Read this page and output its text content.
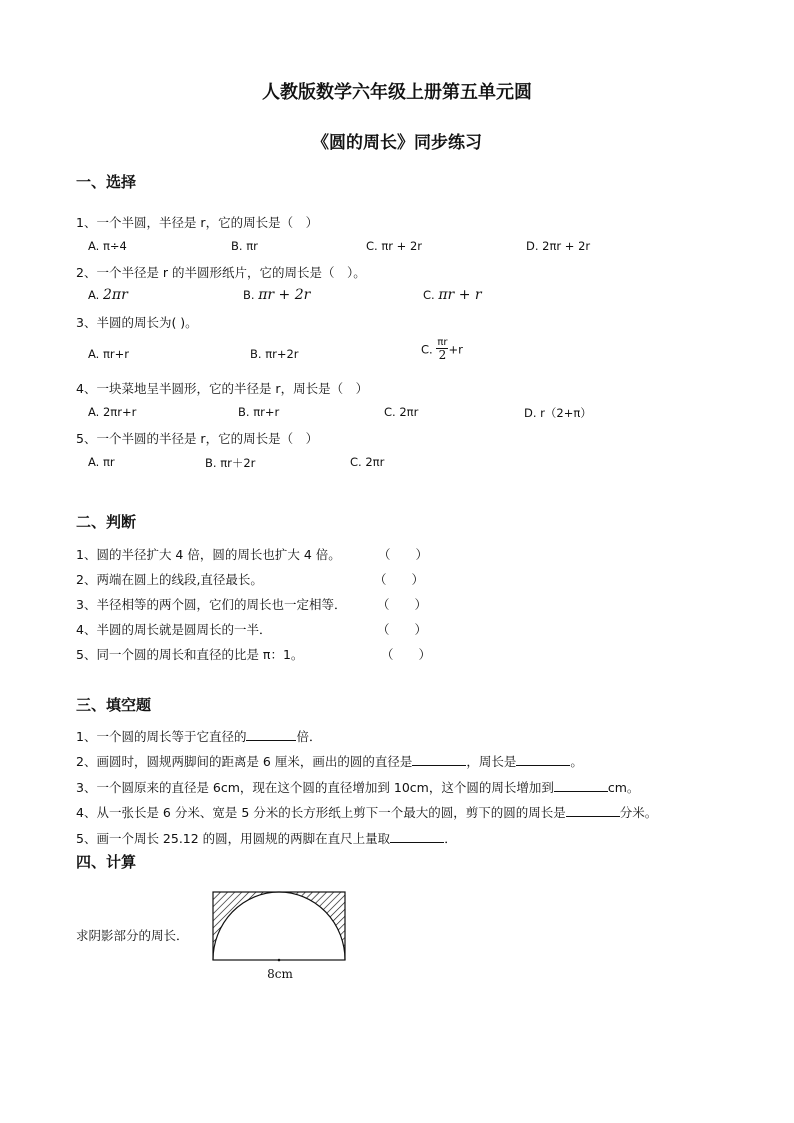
人教版数学六年级上册第五单元圆
《圆的周长》同步练习
一、选择
1、一个半圆，半径是 r，它的周长是（　）
A. π÷4	B. πr	C. πr + 2r	D. 2πr + 2r
2、一个半径是 r 的半圆形纸片，它的周长是（　）。
A. 2πr	B. πr + 2r	C. πr + r
3、半圆的周长为( )。
A. πr+r	B. πr+2r	C. $\frac{\pi r}{2} +r$
4、一块菜地呈半圆形，它的半径是 r，周长是（　）
A. 2πr+r	B. πr+r	C. 2πr	D. r（2+π）
5、一个半圆的半径是 r，它的周长是（　）
A. πr	B. πr＋2r	C. 2πr
二、判断
1、圆的半径扩大 4 倍，圆的周长也扩大 4 倍。	（　　）
2、两端在圆上的线段,直径最长。	（　　）
3、半径相等的两个圆，它们的周长也一定相等． （　　）
4、半圆的周长就是圆周长的一半．	（　　）
5、同一个圆的周长和直径的比是 π：1。	（　　）
三、填空题
1、一个圆的周长等于它直径的	倍．
2、画圆时，圆规两脚间的距离是 6 厘米，画出的圆的直径是	，周长是	。
3、一个圆原来的直径是 6cm，现在这个圆的直径增加到 10cm，这个圆的周长增加到	cm。
4、从一张长是 6 分米、宽是 5 分米的长方形纸上剪下一个最大的圆，剪下的圆的周长是	分米。
5、画一个周长 25.12 的圆，用圆规的两脚在直尺上量取	．
四、计算
求阴影部分的周长．
8cm
